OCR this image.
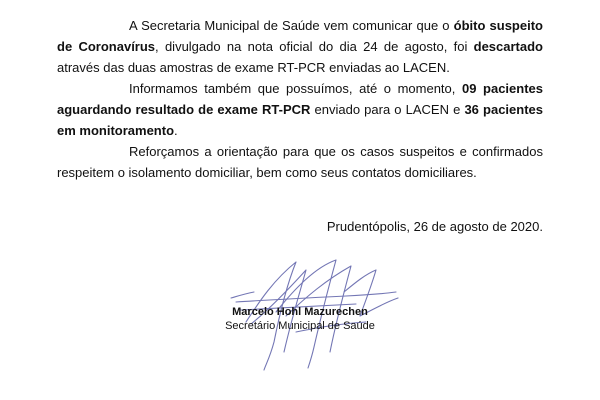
A Secretaria Municipal de Saúde vem comunicar que o óbito suspeito de Coronavírus, divulgado na nota oficial do dia 24 de agosto, foi descartado através das duas amostras de exame RT-PCR enviadas ao LACEN.

Informamos também que possuímos, até o momento, 09 pacientes aguardando resultado de exame RT-PCR enviado para o LACEN e 36 pacientes em monitoramento.

Reforçamos a orientação para que os casos suspeitos e confirmados respeitem o isolamento domiciliar, bem como seus contatos domiciliares.

Prudentópolis, 26 de agosto de 2020.
Marcelo Hohl Mazurechen
Secretário Municipal de Saúde
